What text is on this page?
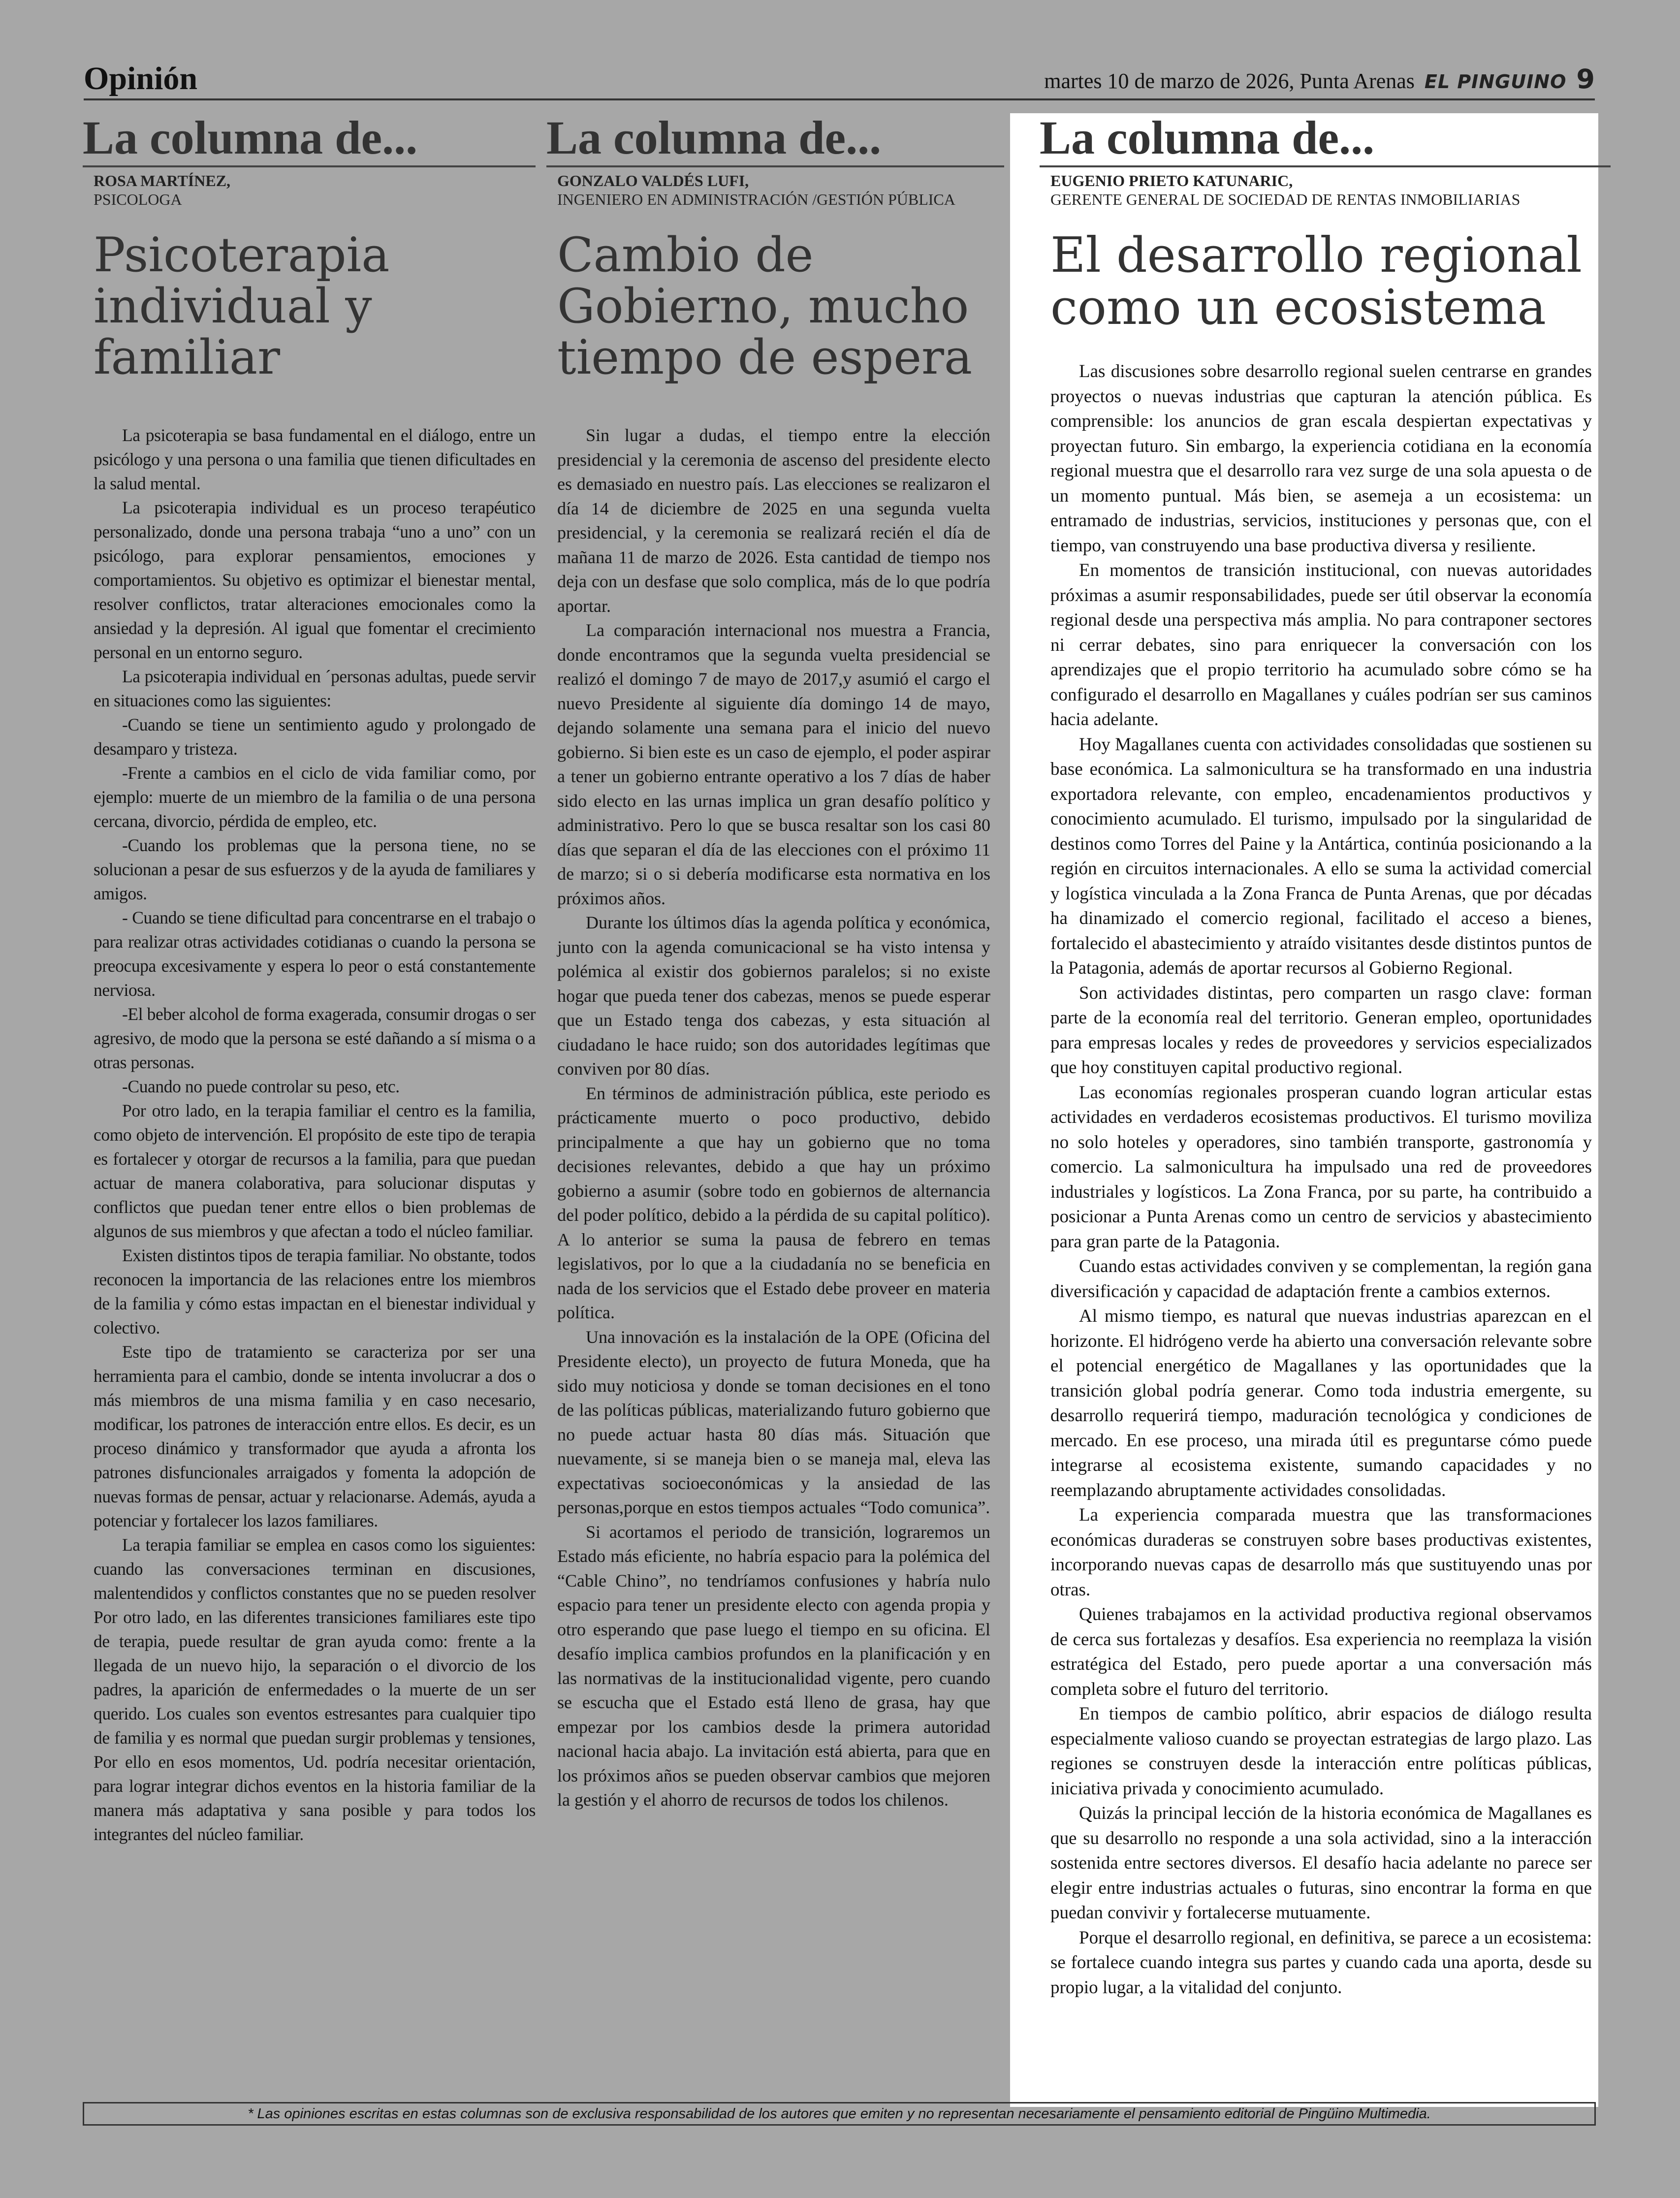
Opinión	martes 10 de marzo de 2026, Punta Arenas EL PINGUINO 9
La columna de...
ROSA MARTÍNEZ,
PSICOLOGA
Psicoterapia individual y familiar

La psicoterapia se basa fundamental en el diálogo, entre un psicólogo y una persona o una familia que tienen dificultades en la salud mental.

La psicoterapia individual es un proceso terapéutico personalizado, donde una persona trabaja “uno a uno” con un psicólogo, para explorar pensamientos, emociones y comportamientos. Su objetivo es optimizar el bienestar mental, resolver conflictos, tratar alteraciones emocionales como la ansiedad y la depresión. Al igual que fomentar el crecimiento personal en un entorno seguro.

La psicoterapia individual en ´personas adultas, puede servir en situaciones como las siguientes:

-Cuando se tiene un sentimiento agudo y prolongado de desamparo y tristeza.

-Frente a cambios en el ciclo de vida familiar como, por ejemplo: muerte de un miembro de la familia o de una persona cercana, divorcio, pérdida de empleo, etc.

-Cuando los problemas que la persona tiene, no se solucionan a pesar de sus esfuerzos y de la ayuda de familiares y amigos.

- Cuando se tiene dificultad para concentrarse en el trabajo o para realizar otras actividades cotidianas o cuando la persona se preocupa excesivamente y espera lo peor o está constantemente nerviosa.

-El beber alcohol de forma exagerada, consumir drogas o ser agresivo, de modo que la persona se esté dañando a sí misma o a otras personas.

-Cuando no puede controlar su peso, etc.

Por otro lado, en la terapia familiar el centro es la familia, como objeto de intervención. El propósito de este tipo de terapia es fortalecer y otorgar de recursos a la familia, para que puedan actuar de manera colaborativa, para solucionar disputas y conflictos que puedan tener entre ellos o bien problemas de algunos de sus miembros y que afectan a todo el núcleo familiar.

Existen distintos tipos de terapia familiar. No obstante, todos reconocen la importancia de las relaciones entre los miembros de la familia y cómo estas impactan en el bienestar individual y colectivo.

Este tipo de tratamiento se caracteriza por ser una herramienta para el cambio, donde se intenta involucrar a dos o más miembros de una misma familia y en caso necesario, modificar, los patrones de interacción entre ellos. Es decir, es un proceso dinámico y transformador que ayuda a afronta los patrones disfuncionales arraigados y fomenta la adopción de nuevas formas de pensar, actuar y relacionarse. Además, ayuda a potenciar y fortalecer los lazos familiares.

La terapia familiar se emplea en casos como los siguientes: cuando las conversaciones terminan en discusiones, malentendidos y conflictos constantes que no se pueden resolver Por otro lado, en las diferentes transiciones familiares este tipo de terapia, puede resultar de gran ayuda como: frente a la llegada de un nuevo hijo, la separación o el divorcio de los padres, la aparición de enfermedades o la muerte de un ser querido. Los cuales son eventos estresantes para cualquier tipo de familia y es normal que puedan surgir problemas y tensiones, Por ello en esos momentos, Ud. podría necesitar orientación, para lograr integrar dichos eventos en la historia familiar de la manera más adaptativa y sana posible y para todos los integrantes del núcleo familiar.

La columna de...
GONZALO VALDÉS LUFI,
INGENIERO EN ADMINISTRACIÓN /GESTIÓN PÚBLICA
Cambio de Gobierno, mucho tiempo de espera

Sin lugar a dudas, el tiempo entre la elección presidencial y la ceremonia de ascenso del presidente electo es demasiado en nuestro país. Las elecciones se realizaron el día 14 de diciembre de 2025 en una segunda vuelta presidencial, y la ceremonia se realizará recién el día de mañana 11 de marzo de 2026. Esta cantidad de tiempo nos deja con un desfase que solo complica, más de lo que podría aportar.

La comparación internacional nos muestra a Francia, donde encontramos que la segunda vuelta presidencial se realizó el domingo 7 de mayo de 2017,y asumió el cargo el nuevo Presidente al siguiente día domingo 14 de mayo, dejando solamente una semana para el inicio del nuevo gobierno. Si bien este es un caso de ejemplo, el poder aspirar a tener un gobierno entrante operativo a los 7 días de haber sido electo en las urnas implica un gran desafío político y administrativo. Pero lo que se busca resaltar son los casi 80 días que separan el día de las elecciones con el próximo 11 de marzo; si o si debería modificarse esta normativa en los próximos años.

Durante los últimos días la agenda política y económica, junto con la agenda comunicacional se ha visto intensa y polémica al existir dos gobiernos paralelos; si no existe hogar que pueda tener dos cabezas, menos se puede esperar que un Estado tenga dos cabezas, y esta situación al ciudadano le hace ruido; son dos autoridades legítimas que conviven por 80 días.

En términos de administración pública, este periodo es prácticamente muerto o poco productivo, debido principalmente a que hay un gobierno que no toma decisiones relevantes, debido a que hay un próximo gobierno a asumir (sobre todo en gobiernos de alternancia del poder político, debido a la pérdida de su capital político). A lo anterior se suma la pausa de febrero en temas legislativos, por lo que a la ciudadanía no se beneficia en nada de los servicios que el Estado debe proveer en materia política.

Una innovación es la instalación de la OPE (Oficina del Presidente electo), un proyecto de futura Moneda, que ha sido muy noticiosa y donde se toman decisiones en el tono de las políticas públicas, materializando futuro gobierno que no puede actuar hasta 80 días más. Situación que nuevamente, si se maneja bien o se maneja mal, eleva las expectativas socioeconómicas y la ansiedad de las personas,porque en estos tiempos actuales “Todo comunica”.

Si acortamos el periodo de transición, lograremos un Estado más eficiente, no habría espacio para la polémica del “Cable Chino”, no tendríamos confusiones y habría nulo espacio para tener un presidente electo con agenda propia y otro esperando que pase luego el tiempo en su oficina. El desafío implica cambios profundos en la planificación y en las normativas de la institucionalidad vigente, pero cuando se escucha que el Estado está lleno de grasa, hay que empezar por los cambios desde la primera autoridad nacional hacia abajo. La invitación está abierta, para que en los próximos años se pueden observar cambios que mejoren la gestión y el ahorro de recursos de todos los chilenos.

La columna de...
EUGENIO PRIETO KATUNARIC,
GERENTE GENERAL DE SOCIEDAD DE RENTAS INMOBILIARIAS
El desarrollo regional como un ecosistema

Las discusiones sobre desarrollo regional suelen centrarse en grandes proyectos o nuevas industrias que capturan la atención pública. Es comprensible: los anuncios de gran escala despiertan expectativas y proyectan futuro. Sin embargo, la experiencia cotidiana en la economía regional muestra que el desarrollo rara vez surge de una sola apuesta o de un momento puntual. Más bien, se asemeja a un ecosistema: un entramado de industrias, servicios, instituciones y personas que, con el tiempo, van construyendo una base productiva diversa y resiliente.

En momentos de transición institucional, con nuevas autoridades próximas a asumir responsabilidades, puede ser útil observar la economía regional desde una perspectiva más amplia. No para contraponer sectores ni cerrar debates, sino para enriquecer la conversación con los aprendizajes que el propio territorio ha acumulado sobre cómo se ha configurado el desarrollo en Magallanes y cuáles podrían ser sus caminos hacia adelante.

Hoy Magallanes cuenta con actividades consolidadas que sostienen su base económica. La salmonicultura se ha transformado en una industria exportadora relevante, con empleo, encadenamientos productivos y conocimiento acumulado. El turismo, impulsado por la singularidad de destinos como Torres del Paine y la Antártica, continúa posicionando a la región en circuitos internacionales. A ello se suma la actividad comercial y logística vinculada a la Zona Franca de Punta Arenas, que por décadas ha dinamizado el comercio regional, facilitado el acceso a bienes, fortalecido el abastecimiento y atraído visitantes desde distintos puntos de la Patagonia, además de aportar recursos al Gobierno Regional.

Son actividades distintas, pero comparten un rasgo clave: forman parte de la economía real del territorio. Generan empleo, oportunidades para empresas locales y redes de proveedores y servicios especializados que hoy constituyen capital productivo regional.

Las economías regionales prosperan cuando logran articular estas actividades en verdaderos ecosistemas productivos. El turismo moviliza no solo hoteles y operadores, sino también transporte, gastronomía y comercio. La salmonicultura ha impulsado una red de proveedores industriales y logísticos. La Zona Franca, por su parte, ha contribuido a posicionar a Punta Arenas como un centro de servicios y abastecimiento para gran parte de la Patagonia.

Cuando estas actividades conviven y se complementan, la región gana diversificación y capacidad de adaptación frente a cambios externos.

Al mismo tiempo, es natural que nuevas industrias aparezcan en el horizonte. El hidrógeno verde ha abierto una conversación relevante sobre el potencial energético de Magallanes y las oportunidades que la transición global podría generar. Como toda industria emergente, su desarrollo requerirá tiempo, maduración tecnológica y condiciones de mercado. En ese proceso, una mirada útil es preguntarse cómo puede integrarse al ecosistema existente, sumando capacidades y no reemplazando abruptamente actividades consolidadas.

La experiencia comparada muestra que las transformaciones económicas duraderas se construyen sobre bases productivas existentes, incorporando nuevas capas de desarrollo más que sustituyendo unas por otras.

Quienes trabajamos en la actividad productiva regional observamos de cerca sus fortalezas y desafíos. Esa experiencia no reemplaza la visión estratégica del Estado, pero puede aportar a una conversación más completa sobre el futuro del territorio.

En tiempos de cambio político, abrir espacios de diálogo resulta especialmente valioso cuando se proyectan estrategias de largo plazo. Las regiones se construyen desde la interacción entre políticas públicas, iniciativa privada y conocimiento acumulado.

Quizás la principal lección de la historia económica de Magallanes es que su desarrollo no responde a una sola actividad, sino a la interacción sostenida entre sectores diversos. El desafío hacia adelante no parece ser elegir entre industrias actuales o futuras, sino encontrar la forma en que puedan convivir y fortalecerse mutuamente.

Porque el desarrollo regional, en definitiva, se parece a un ecosistema: se fortalece cuando integra sus partes y cuando cada una aporta, desde su propio lugar, a la vitalidad del conjunto.

* Las opiniones escritas en estas columnas son de exclusiva responsabilidad de los autores que emiten y no representan necesariamente el pensamiento editorial de Pingüino Multimedia.
